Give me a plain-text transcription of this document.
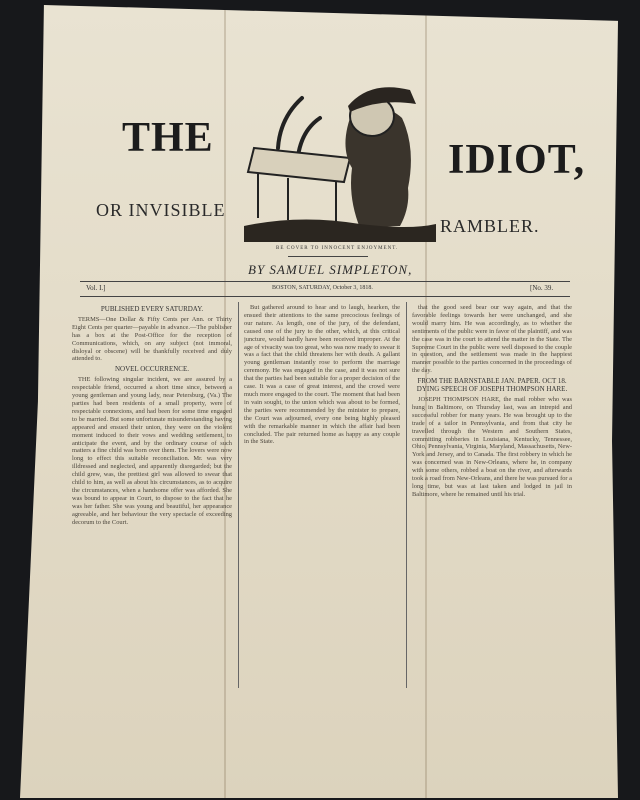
THE	IDIOT,
OR INVISIBLE
RAMBLER.
BE COVER TO INNOCENT ENJOYMENT.
BY SAMUEL SIMPLETON,
Vol. I.]	BOSTON, SATURDAY, October 3, 1818.	[No. 39.

PUBLISHED EVERY SATURDAY.

TERMS—One Dollar & Fifty Cents per Ann. or Thirty Eight Cents per quarter—payable in advance.—The publisher has a box at the Post-Office for the reception of Communications, which, on any subject (not immoral, disloyal or obscene) will be thankfully received and duly attended to.

NOVEL OCCURRENCE.

THE following singular incident, we are assured by a respectable friend, occurred a short time since, between a young gentleman and young lady, near Petersburg, (Va.) The parties had been residents of a small property, were of respectable connexions, and had been for some time engaged to be married. But some unfortunate misunderstanding having appeared and ensued their union, they were on the violent moment induced to their vows and wedding settlement, to anticipate the event, and by the ordinary course of such matters a fine child was born over them. The lovers were now long to effect this suitable reconciliation. Mr. was very illdressed and neglected, and apparently disregarded; but the child grew, was, the prettiest girl was allowed to swear that child to him, as well as about his circumstances, as to acquire the circumstances, when a handsome offer was afforded. She was bound to appear in Court, to dispose to the fact that he was her father. She was young and beautiful, her appearance agreeable, and her behaviour the very spectacle of exceeding decorum to the Court.

But gathered around to hear and to laugh, hearken, the ensued their attentions to the same precocious feelings of our nature. As length, one of the jury, of the defendant, caused one of the jury to the other, which, at this critical juncture, would hardly have been received improper. At the age of vivacity was too great, who was now ready to swear it was a fact that the child threatens her with death. A gallant young gentleman instantly rose to perform the marriage ceremony. He was engaged in the case, and it was not sure that the parties had been suitable for a proper decision of the case. It was a case of great interest, and the crowd were much more engaged to the court. The moment that had been in vain sought, to the union which was about to be formed, the parties were recommended by the minister to prepare, the Court was adjourned, every one being highly pleased with the remarkable manner in which the affair had been concluded. The pair returned home as happy as any couple in the State.

that the good seed bear our way again, and that the favorable feelings towards her were unchanged, and she would marry him. He was accordingly, as to whether the sentiments of the public were in favor of the plaintiff, and was the case was in the court to attend the matter in the State. The Supreme Court in the public were well disposed to the couple in question, and the settlement was made in the happiest manner possible to the parties concerned in the proceedings of the day.

FROM THE BARNSTABLE JAN. PAPER. OCT 18. DYING SPEECH OF JOSEPH THOMPSON HARE.

JOSEPH THOMPSON HARE, the mail robber who was hung in Baltimore, on Thursday last, was an intrepid and successful robber for many years. He was brought up to the trade of a tailor in Pennsylvania, and from that city he travelled through the Western and Southern States, committing robberies in Louisiana, Kentucky, Tennessee, Ohio, Pennsylvania, Virginia, Maryland, Massachusetts, New-York and Jersey, and to Canada. The first robbery in which he was concerned was in New-Orleans, where he, in company with some others, robbed a boat on the river, and afterwards took a road from New-Orleans, and there he was pursued for a long time, but was at last taken and lodged in jail in Baltimore, where he remained until his trial.
